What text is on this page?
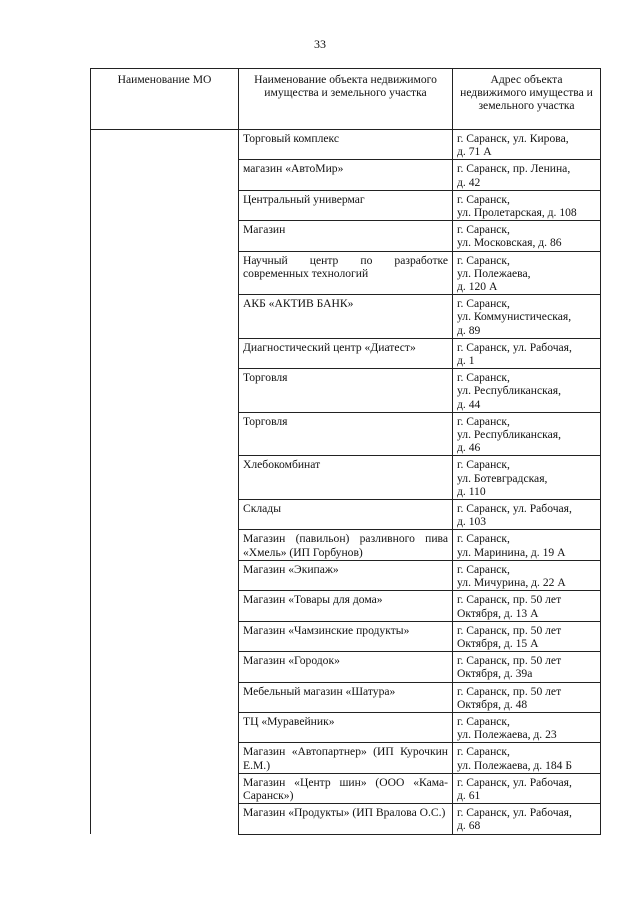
33
Наименование МО	Наименование объекта недвижимого имущества и земельного участка	Адрес объекта недвижимого имущества и земельного участка

	Торговый комплекс	г. Саранск, ул. Кирова,
д. 71 А

	магазин «АвтоМир»	г. Саранск, пр. Ленина,
д. 42

	Центральный универмаг	г. Саранск,
ул. Пролетарская, д. 108

	Магазин	г. Саранск,
ул. Московская, д. 86

	Научный центр по разработке современных технологий	г. Саранск,
ул. Полежаева,
д. 120 А

	АКБ «АКТИВ БАНК»	г. Саранск,
ул. Коммунистическая,
д. 89

	Диагностический центр «Диатест»	г. Саранск, ул. Рабочая,
д. 1

	Торговля	г. Саранск,
ул. Республиканская,
д. 44

	Торговля	г. Саранск,
ул. Республиканская,
д. 46

	Хлебокомбинат	г. Саранск,
ул. Ботевградская,
д. 110

	Склады	г. Саранск, ул. Рабочая,
д. 103

	Магазин (павильон) разливного пива «Хмель» (ИП Горбунов)	г. Саранск,
ул. Маринина, д. 19 А

	Магазин «Экипаж»	г. Саранск,
ул. Мичурина, д. 22 А

	Магазин «Товары для дома»	г. Саранск, пр. 50 лет
Октября, д. 13 А

	Магазин «Чамзинские продукты»	г. Саранск, пр. 50 лет
Октября, д. 15 А

	Магазин «Городок»	г. Саранск, пр. 50 лет
Октября, д. 39а

	Мебельный магазин «Шатура»	г. Саранск, пр. 50 лет
Октября, д. 48

	ТЦ «Муравейник»	г. Саранск,
ул. Полежаева, д. 23

	Магазин «Автопартнер» (ИП Курочкин Е.М.)	г. Саранск,
ул. Полежаева, д. 184 Б

	Магазин «Центр шин» (ООО «Кама-Саранск»)	г. Саранск, ул. Рабочая,
д. 61

	Магазин «Продукты» (ИП Вралова О.С.)	г. Саранск, ул. Рабочая,
д. 68
